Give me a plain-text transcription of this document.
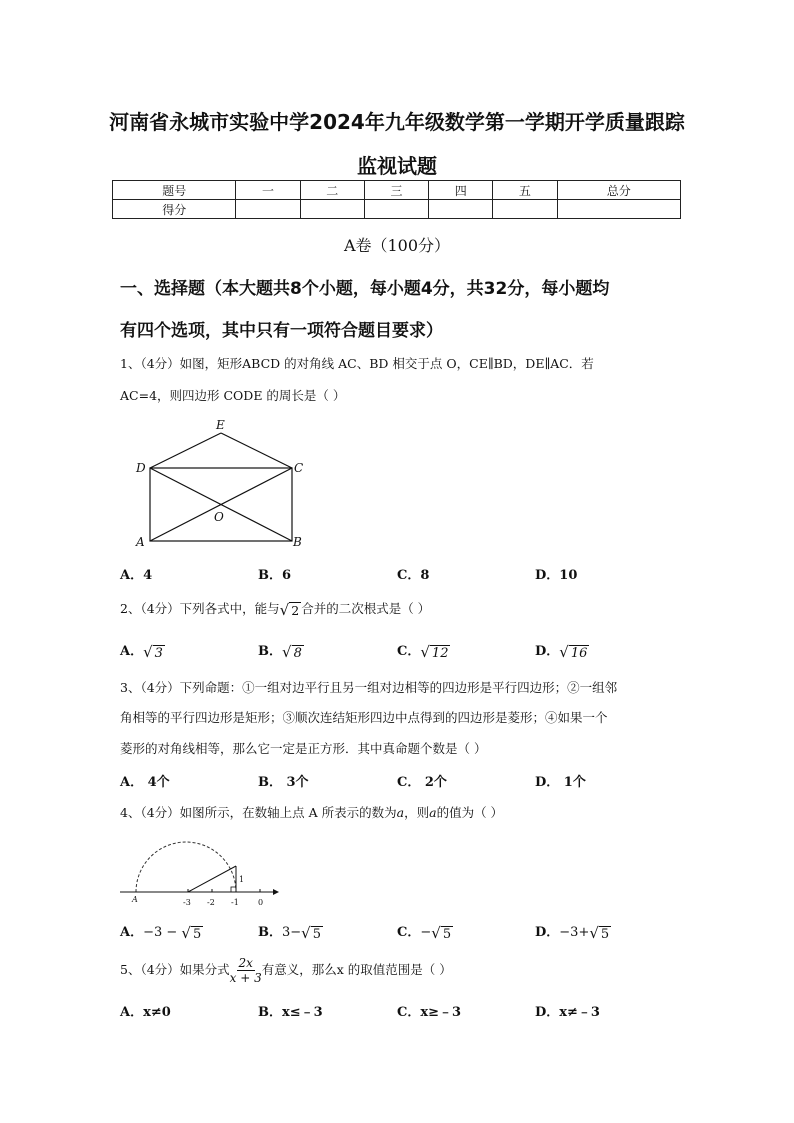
河南省永城市实验中学2024年九年级数学第一学期开学质量跟踪
监视试题
题号	一	二	三	四	五	总分
得分						
A卷（100分）
一、选择题（本大题共8个小题，每小题4分，共32分，每小题均
有四个选项，其中只有一项符合题目要求）
1、（4分）如图，矩形ABCD 的对角线 AC、BD 相交于点 O，CE∥BD，DE∥AC．若
AC=4，则四边形 CODE 的周长是（ ）
E
D	C
O
A	B
A．4	B．6	C．8	D．10
2、（4分）下列各式中，能与√ 2 合并的二次根式是（ ）
A．√ 3	B．√ 8	C．√ 12	D．√ 16
3、（4分）下列命题：①一组对边平行且另一组对边相等的四边形是平行四边形；②一组邻
角相等的平行四边形是矩形；③顺次连结矩形四边中点得到的四边形是菱形；④如果一个
菱形的对角线相等，那么它一定是正方形．其中真命题个数是（ ）
A． 4个	B． 3个	C． 2个	D． 1个
4、（4分）如图所示，在数轴上点 A 所表示的数为a，则a的值为（ ）
A	-3 -2 -1 0
1
A．−3 − √ 5	B．3−√ 5	C．−√ 5	D．−3+√ 5
5、（4分）如果分式 $\frac{2x}{x + 3}$ 有意义，那么x 的取值范围是（ ）
A．x≠0	B．x≤﹣3	C．x≥﹣3	D．x≠﹣3
